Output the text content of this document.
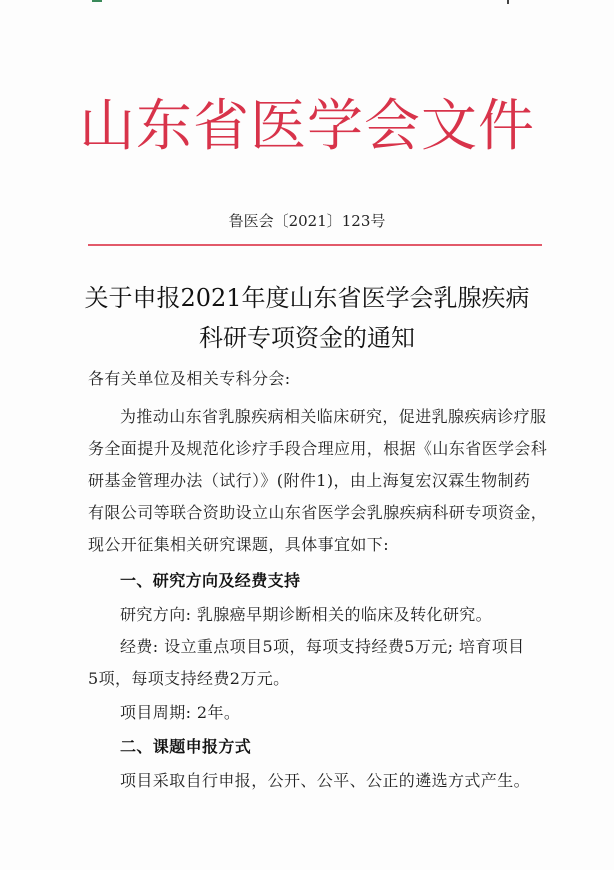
山东省医学会文件
鲁医会〔2021〕123号
关于申报2021年度山东省医学会乳腺疾病
科研专项资金的通知
各有关单位及相关专科分会:
为推动山东省乳腺疾病相关临床研究，促进乳腺疾病诊疗服
务全面提升及规范化诊疗手段合理应用，根据《山东省医学会科
研基金管理办法（试行）》(附件1)，由上海复宏汉霖生物制药
有限公司等联合资助设立山东省医学会乳腺疾病科研专项资金，
现公开征集相关研究课题，具体事宜如下:
一、研究方向及经费支持
研究方向: 乳腺癌早期诊断相关的临床及转化研究。
经费: 设立重点项目5项，每项支持经费5万元; 培育项目
5项，每项支持经费2万元。
项目周期: 2年。
二、课题申报方式
项目采取自行申报，公开、公平、公正的遴选方式产生。
